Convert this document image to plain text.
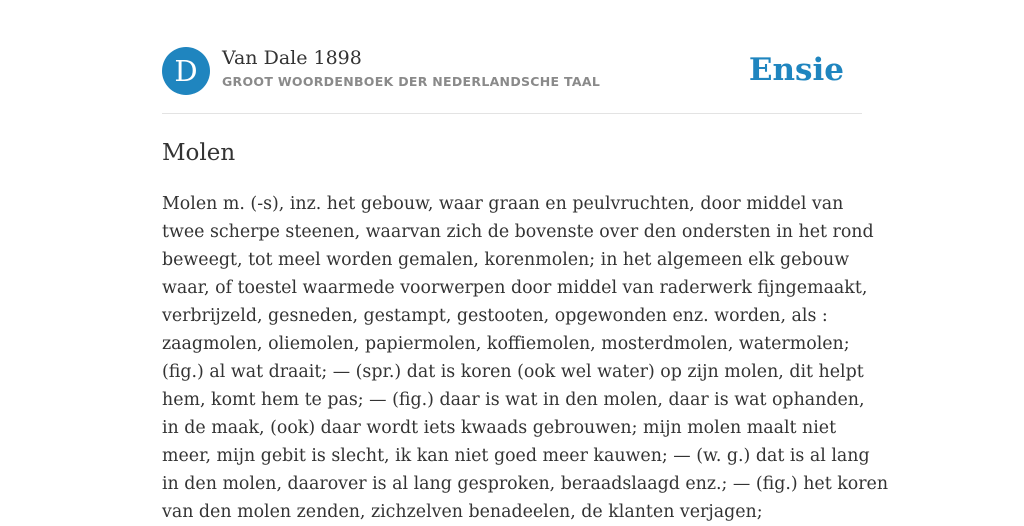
D	Van Dale 1898
GROOT WOORDENBOEK DER NEDERLANDSCHE TAAL	Ensie
Molen
Molen m. (-s), inz. het gebouw, waar graan en peulvruchten, door middel van
twee scherpe steenen, waarvan zich de bovenste over den ondersten in het rond
beweegt, tot meel worden gemalen, korenmolen; in het algemeen elk gebouw
waar, of toestel waarmede voorwerpen door middel van raderwerk fijngemaakt,
verbrijzeld, gesneden, gestampt, gestooten, opgewonden enz. worden, als :
zaagmolen, oliemolen, papiermolen, koffiemolen, mosterdmolen, watermolen;
(fig.) al wat draait; — (spr.) dat is koren (ook wel water) op zijn molen, dit helpt
hem, komt hem te pas; — (fig.) daar is wat in den molen, daar is wat ophanden,
in de maak, (ook) daar wordt iets kwaads gebrouwen; mijn molen maalt niet
meer, mijn gebit is slecht, ik kan niet goed meer kauwen; — (w. g.) dat is al lang
in den molen, daarover is al lang gesproken, beraadslaagd enz.; — (fig.) het koren
van den molen zenden, zichzelven benadeelen, de klanten verjagen;
